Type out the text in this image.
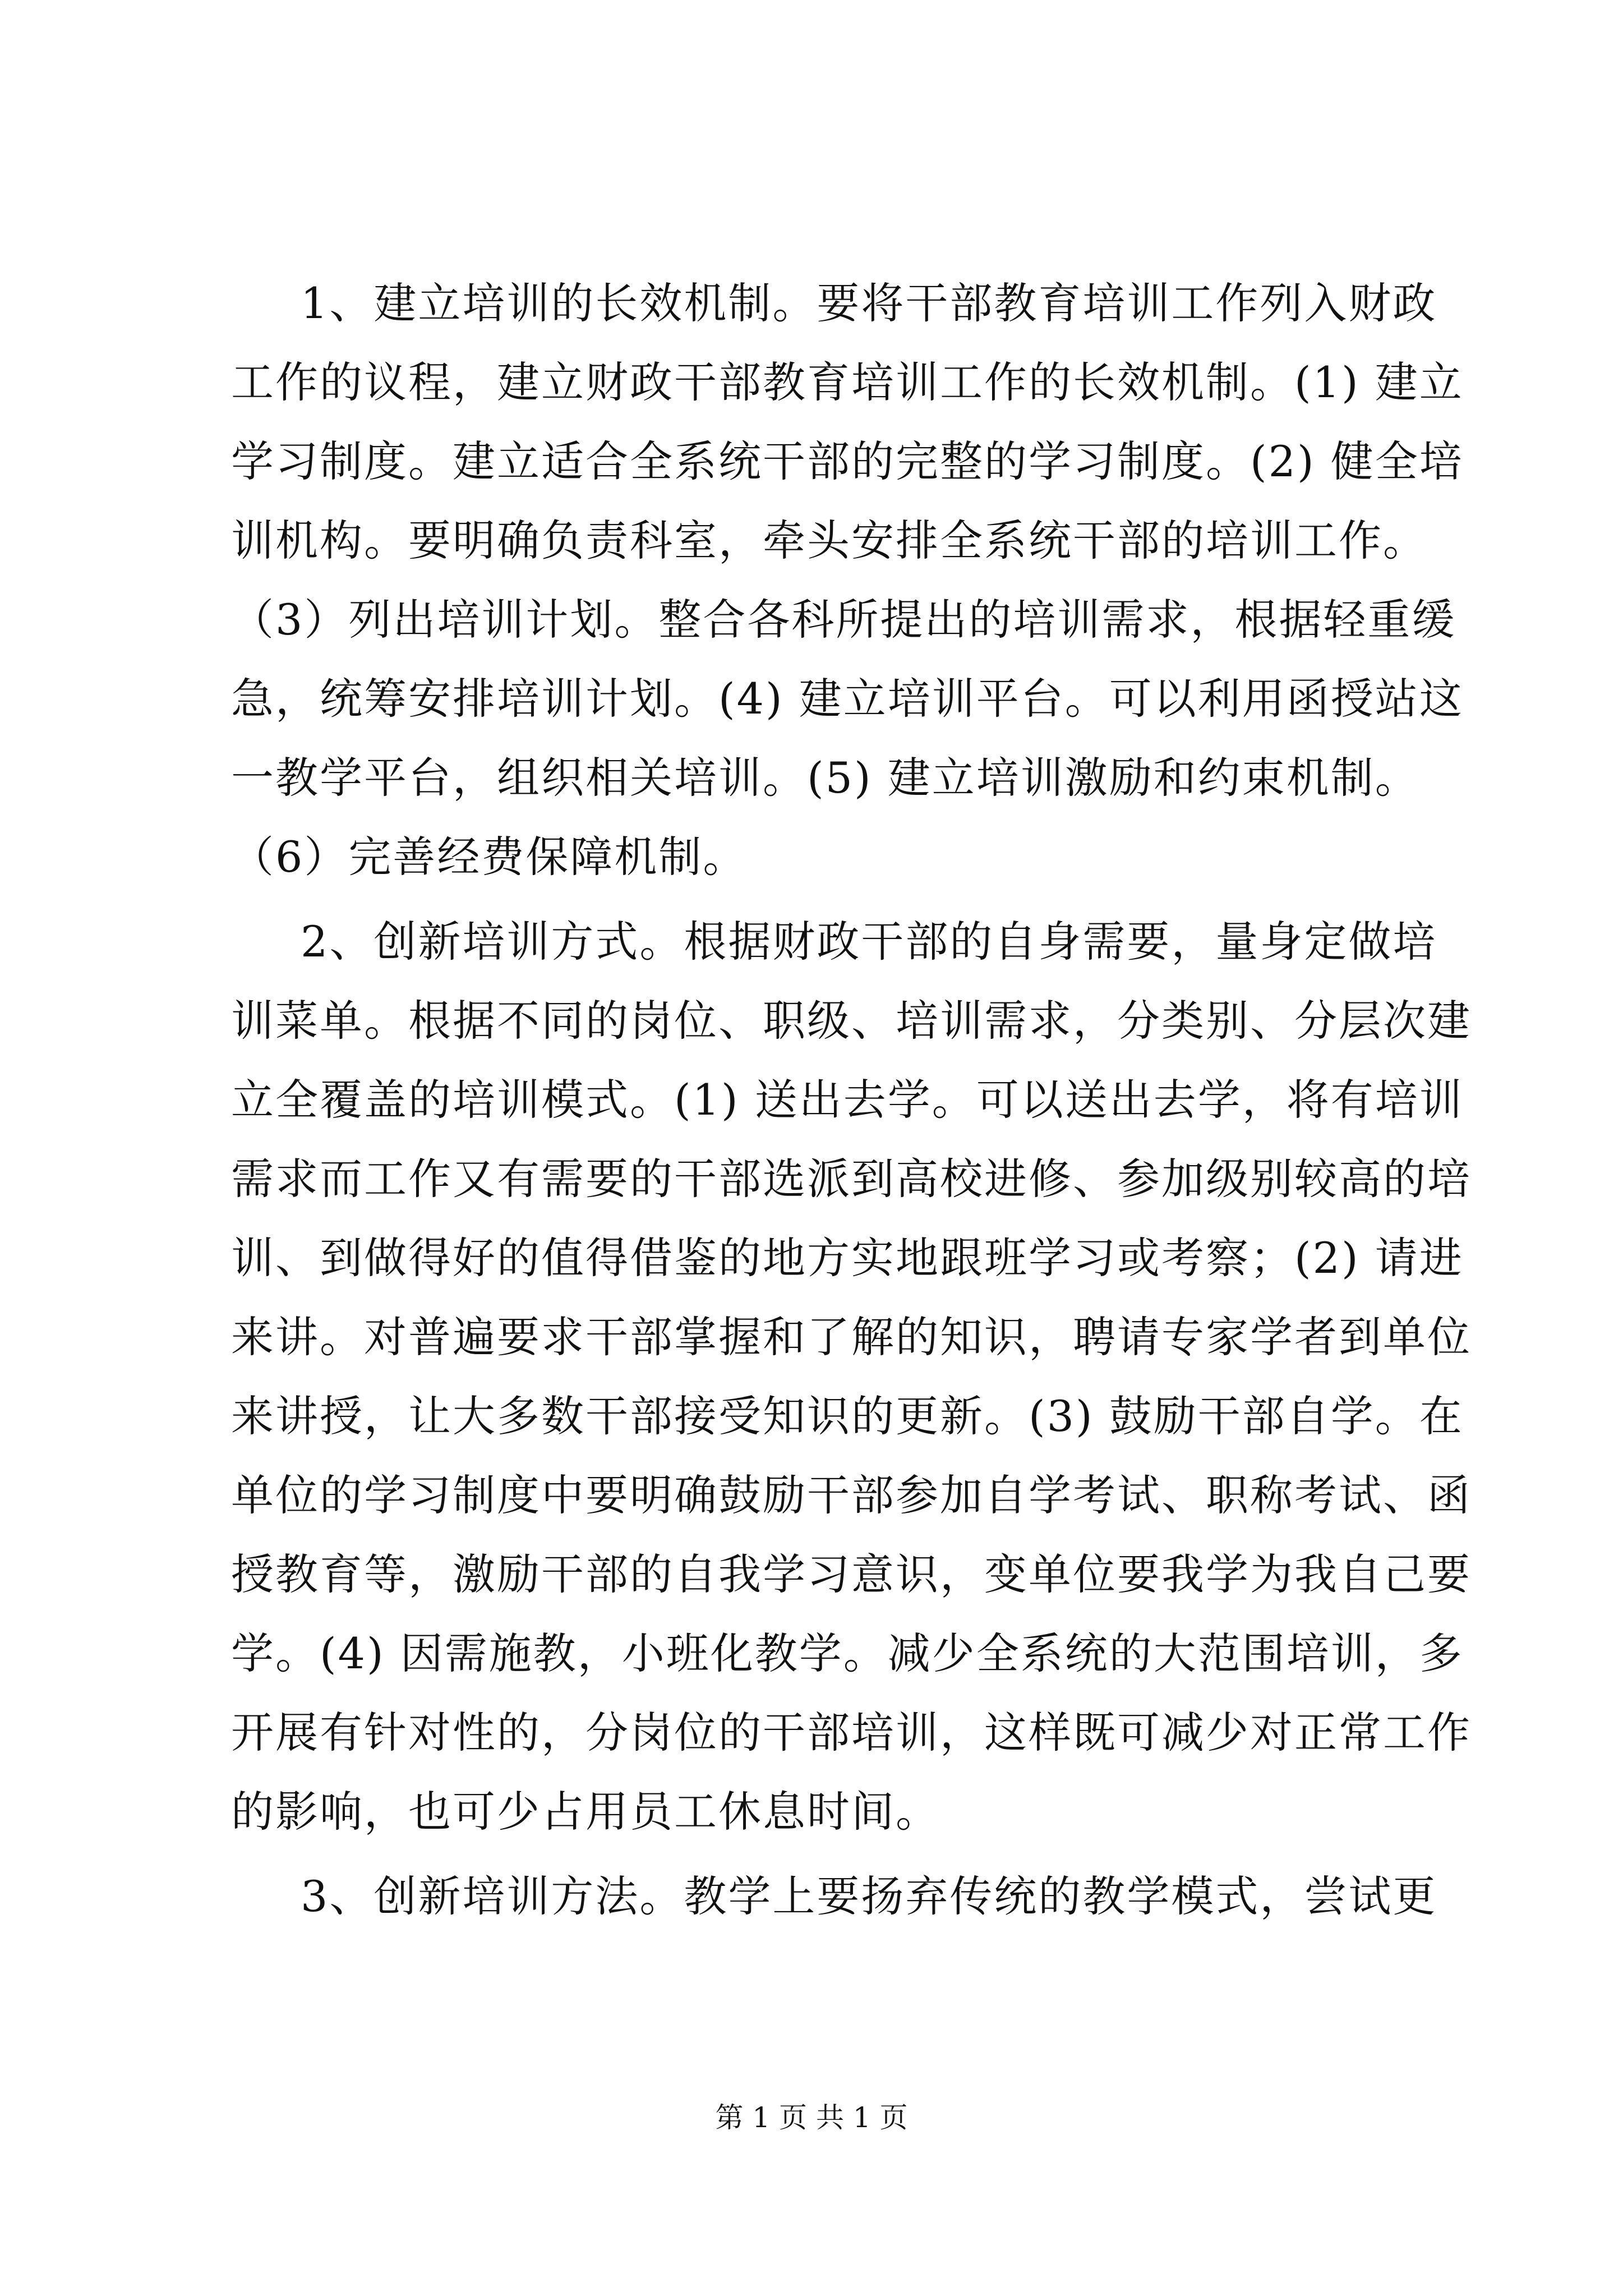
1、建立培训的长效机制。要将干部教育培训工作列入财政
工作的议程，建立财政干部教育培训工作的长效机制。(1) 建立
学习制度。建立适合全系统干部的完整的学习制度。(2) 健全培
训机构。要明确负责科室，牵头安排全系统干部的培训工作。
（3）列出培训计划。整合各科所提出的培训需求，根据轻重缓
急，统筹安排培训计划。(4) 建立培训平台。可以利用函授站这
一教学平台，组织相关培训。(5) 建立培训激励和约束机制。
（6）完善经费保障机制。
2、创新培训方式。根据财政干部的自身需要，量身定做培
训菜单。根据不同的岗位、职级、培训需求，分类别、分层次建
立全覆盖的培训模式。(1) 送出去学。可以送出去学，将有培训
需求而工作又有需要的干部选派到高校进修、参加级别较高的培
训、到做得好的值得借鉴的地方实地跟班学习或考察；(2) 请进
来讲。对普遍要求干部掌握和了解的知识，聘请专家学者到单位
来讲授，让大多数干部接受知识的更新。(3) 鼓励干部自学。在
单位的学习制度中要明确鼓励干部参加自学考试、职称考试、函
授教育等，激励干部的自我学习意识，变单位要我学为我自己要
学。(4) 因需施教，小班化教学。减少全系统的大范围培训，多
开展有针对性的，分岗位的干部培训，这样既可减少对正常工作
的影响，也可少占用员工休息时间。
3、创新培训方法。教学上要扬弃传统的教学模式，尝试更
第 1 页 共 1 页
